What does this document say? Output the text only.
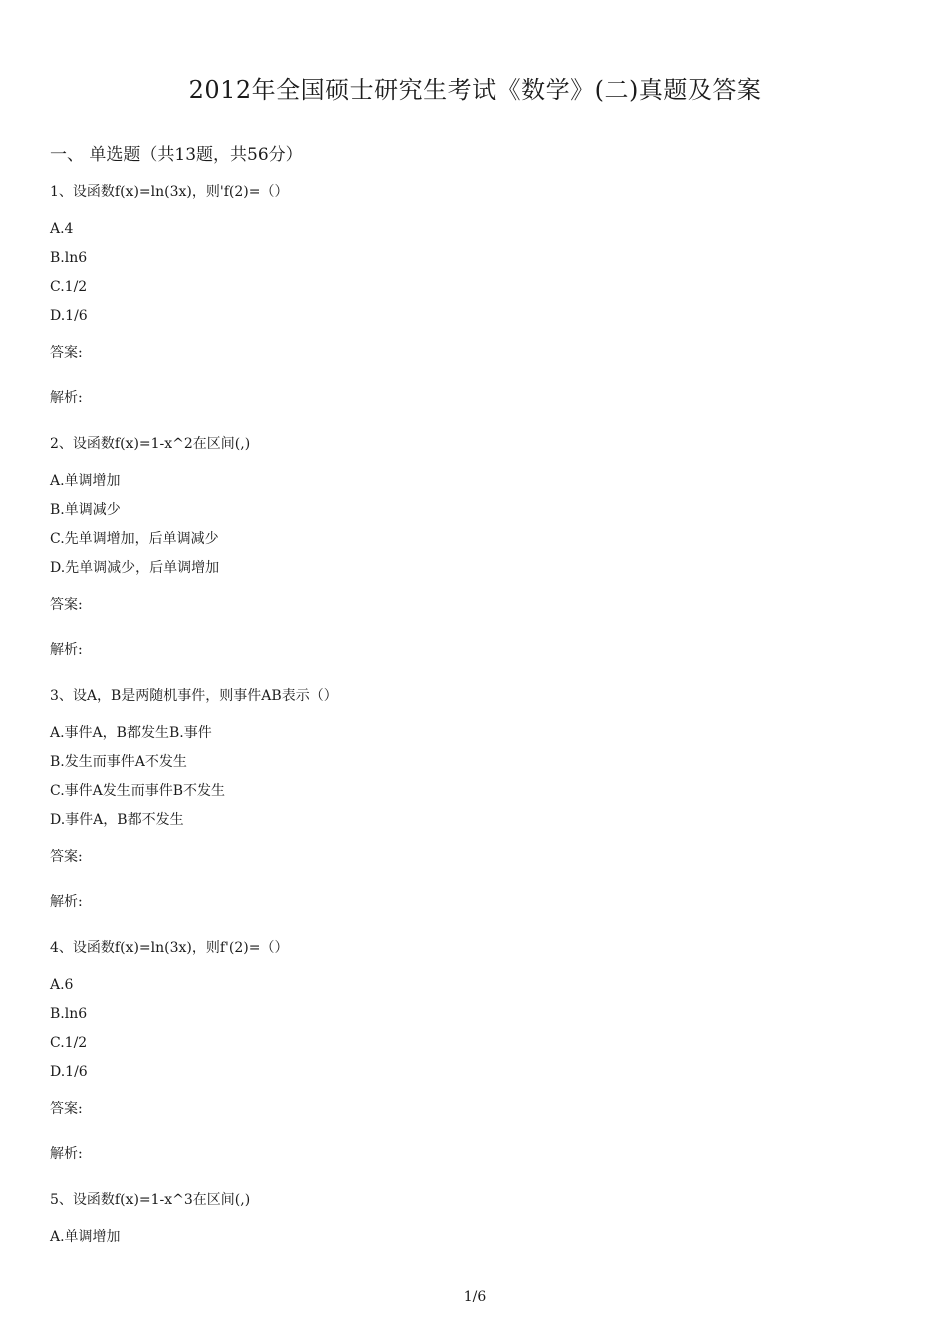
2012年全国硕士研究生考试《数学》(二)真题及答案
一、 单选题（共13题，共56分）
1、设函数f(x)=ln(3x)，则'f(2)=（）
A.4
B.ln6
C.1/2
D.1/6
答案:
解析:
2、设函数f(x)=1-x^2在区间(,)
A.单调增加
B.单调减少
C.先单调增加，后单调减少
D.先单调减少，后单调增加
答案:
解析:
3、设A，B是两随机事件，则事件AB表示（）
A.事件A，B都发生B.事件
B.发生而事件A不发生
C.事件A发生而事件B不发生
D.事件A，B都不发生
答案:
解析:
4、设函数f(x)=ln(3x)，则f'(2)=（）
A.6
B.ln6
C.1/2
D.1/6
答案:
解析:
5、设函数f(x)=1-x^3在区间(,)
A.单调增加
1/6
